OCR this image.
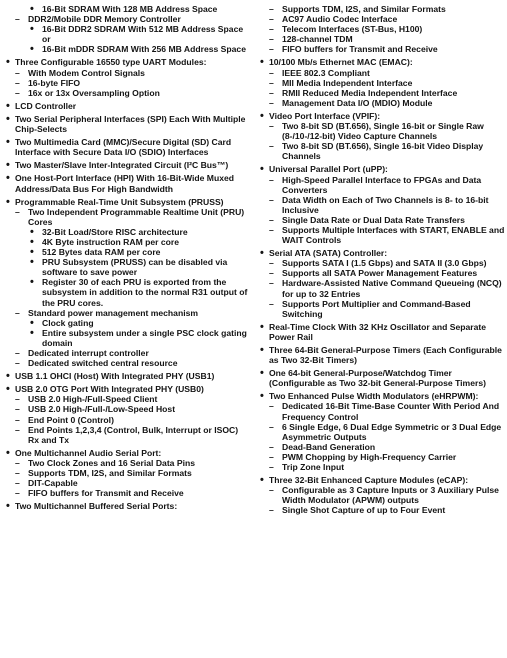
• 16-Bit SDRAM With 128 MB Address Space
– DDR2/Mobile DDR Memory Controller
• 16-Bit DDR2 SDRAM With 512 MB Address Space or
• 16-Bit mDDR SDRAM With 256 MB Address Space
• Three Configurable 16550 type UART Modules:
– With Modem Control Signals
– 16-byte FIFO
– 16x or 13x Oversampling Option
• LCD Controller
• Two Serial Peripheral Interfaces (SPI) Each With Multiple Chip-Selects
• Two Multimedia Card (MMC)/Secure Digital (SD) Card Interface with Secure Data I/O (SDIO) Interfaces
• Two Master/Slave Inter-Integrated Circuit (I²C Bus™)
• One Host-Port Interface (HPI) With 16-Bit-Wide Muxed Address/Data Bus For High Bandwidth
• Programmable Real-Time Unit Subsystem (PRUSS)
– Two Independent Programmable Realtime Unit (PRU) Cores
• 32-Bit Load/Store RISC architecture
• 4K Byte instruction RAM per core
• 512 Bytes data RAM per core
• PRU Subsystem (PRUSS) can be disabled via software to save power
• Register 30 of each PRU is exported from the subsystem in addition to the normal R31 output of the PRU cores.
– Standard power management mechanism
• Clock gating
• Entire subsystem under a single PSC clock gating domain
– Dedicated interrupt controller
– Dedicated switched central resource
• USB 1.1 OHCI (Host) With Integrated PHY (USB1)
• USB 2.0 OTG Port With Integrated PHY (USB0)
– USB 2.0 High-/Full-Speed Client
– USB 2.0 High-/Full-/Low-Speed Host
– End Point 0 (Control)
– End Points 1,2,3,4 (Control, Bulk, Interrupt or ISOC) Rx and Tx
• One Multichannel Audio Serial Port:
– Two Clock Zones and 16 Serial Data Pins
– Supports TDM, I2S, and Similar Formats
– DIT-Capable
– FIFO buffers for Transmit and Receive
• Two Multichannel Buffered Serial Ports:
– Supports TDM, I2S, and Similar Formats
– AC97 Audio Codec Interface
– Telecom Interfaces (ST-Bus, H100)
– 128-channel TDM
– FIFO buffers for Transmit and Receive
• 10/100 Mb/s Ethernet MAC (EMAC):
– IEEE 802.3 Compliant
– MII Media Independent Interface
– RMII Reduced Media Independent Interface
– Management Data I/O (MDIO) Module
• Video Port Interface (VPIF):
– Two 8-bit SD (BT.656), Single 16-bit or Single Raw (8-/10-/12-bit) Video Capture Channels
– Two 8-bit SD (BT.656), Single 16-bit Video Display Channels
• Universal Parallel Port (uPP):
– High-Speed Parallel Interface to FPGAs and Data Converters
– Data Width on Each of Two Channels is 8- to 16-bit Inclusive
– Single Data Rate or Dual Data Rate Transfers
– Supports Multiple Interfaces with START, ENABLE and WAIT Controls
• Serial ATA (SATA) Controller:
– Supports SATA I (1.5 Gbps) and SATA II (3.0 Gbps)
– Supports all SATA Power Management Features
– Hardware-Assisted Native Command Queueing (NCQ) for up to 32 Entries
– Supports Port Multiplier and Command-Based Switching
• Real-Time Clock With 32 KHz Oscillator and Separate Power Rail
• Three 64-Bit General-Purpose Timers (Each Configurable as Two 32-Bit Timers)
• One 64-bit General-Purpose/Watchdog Timer (Configurable as Two 32-bit General-Purpose Timers)
• Two Enhanced Pulse Width Modulators (eHRPWM):
– Dedicated 16-Bit Time-Base Counter With Period And Frequency Control
– 6 Single Edge, 6 Dual Edge Symmetric or 3 Dual Edge Asymmetric Outputs
– Dead-Band Generation
– PWM Chopping by High-Frequency Carrier
– Trip Zone Input
• Three 32-Bit Enhanced Capture Modules (eCAP):
– Configurable as 3 Capture Inputs or 3 Auxiliary Pulse Width Modulator (APWM) outputs
– Single Shot Capture of up to Four Event
